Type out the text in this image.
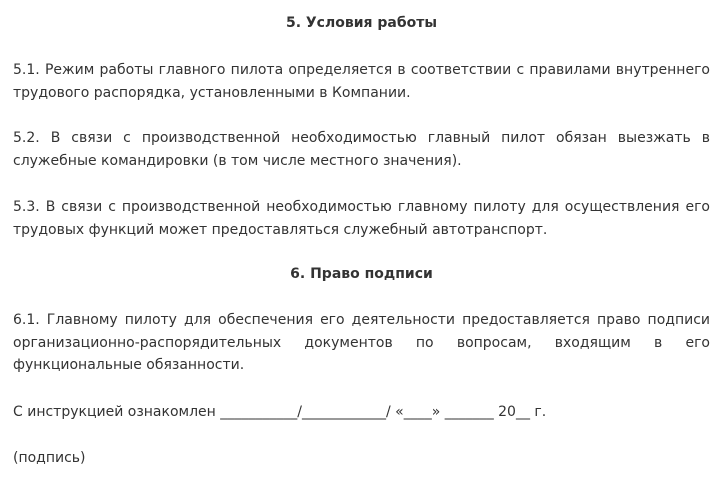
5. Условия работы

5.1. Режим работы главного пилота определяется в соответствии с правилами внутреннего трудового распорядка, установленными в Компании.

5.2. В связи с производственной необходимостью главный пилот обязан выезжать в служебные командировки (в том числе местного значения).

5.3. В связи с производственной необходимостью главному пилоту для осуществления его трудовых функций может предоставляться служебный автотранспорт.

6. Право подписи

6.1. Главному пилоту для обеспечения его деятельности предоставляется право подписи организационно-распорядительных документов по вопросам, входящим в его функциональные обязанности.

С инструкцией ознакомлен ___________/____________/ «____» _______ 20__ г.

(подпись)
